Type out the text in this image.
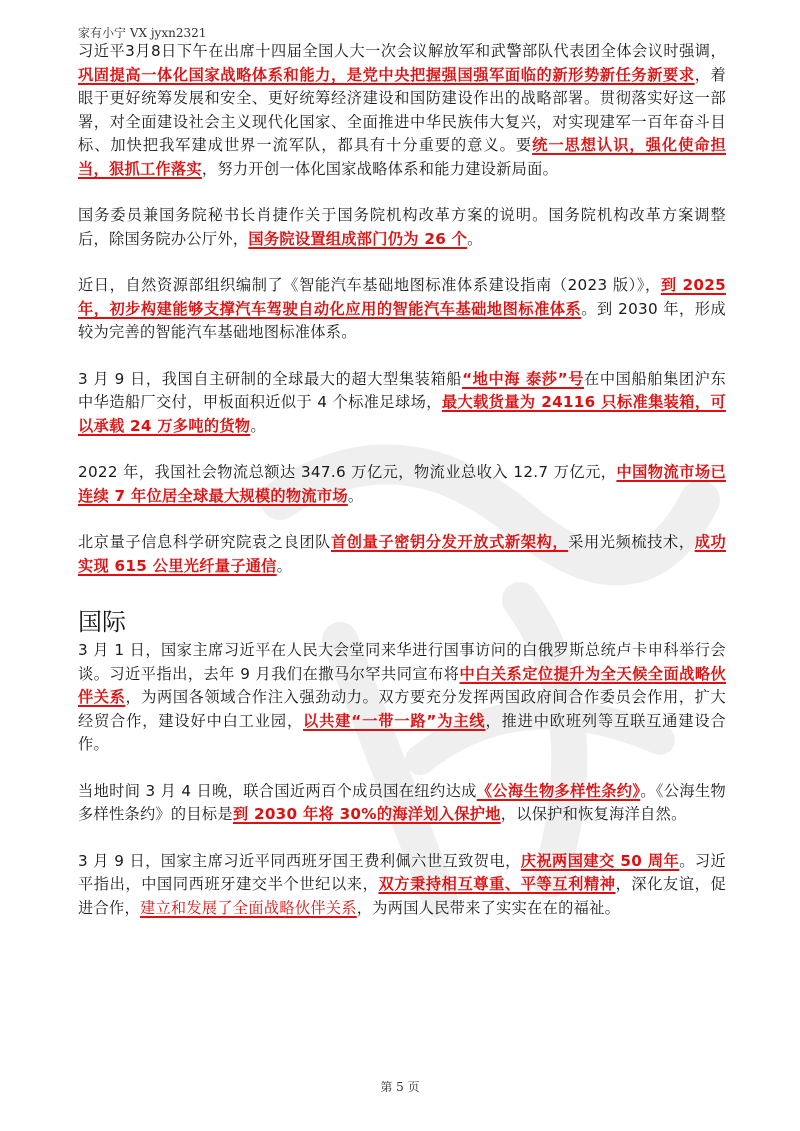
家有小宁 VX jyxn2321

习近平3月8日下午在出席十四届全国人大一次会议解放军和武警部队代表团全体会议时强调，巩固提高一体化国家战略体系和能力，是党中央把握强国强军面临的新形势新任务新要求，着眼于更好统筹发展和安全、更好统筹经济建设和国防建设作出的战略部署。贯彻落实好这一部署，对全面建设社会主义现代化国家、全面推进中华民族伟大复兴，对实现建军一百年奋斗目标、加快把我军建成世界一流军队，都具有十分重要的意义。要统一思想认识，强化使命担当，狠抓工作落实，努力开创一体化国家战略体系和能力建设新局面。

国务委员兼国务院秘书长肖捷作关于国务院机构改革方案的说明。国务院机构改革方案调整后，除国务院办公厅外，国务院设置组成部门仍为 26 个。

近日，自然资源部组织编制了《智能汽车基础地图标准体系建设指南（2023 版）》，到 2025 年，初步构建能够支撑汽车驾驶自动化应用的智能汽车基础地图标准体系。到 2030 年，形成较为完善的智能汽车基础地图标准体系。

3 月 9 日，我国自主研制的全球最大的超大型集装箱船“地中海 泰莎”号在中国船舶集团沪东中华造船厂交付，甲板面积近似于 4 个标准足球场，最大载货量为 24116 只标准集装箱，可以承载 24 万多吨的货物。

2022 年，我国社会物流总额达 347.6 万亿元，物流业总收入 12.7 万亿元，中国物流市场已连续 7 年位居全球最大规模的物流市场。

北京量子信息科学研究院袁之良团队首创量子密钥分发开放式新架构，采用光频梳技术，成功实现 615 公里光纤量子通信。

国际

3 月 1 日，国家主席习近平在人民大会堂同来华进行国事访问的白俄罗斯总统卢卡申科举行会谈。习近平指出，去年 9 月我们在撒马尔罕共同宣布将中白关系定位提升为全天候全面战略伙伴关系，为两国各领域合作注入强劲动力。双方要充分发挥两国政府间合作委员会作用，扩大经贸合作，建设好中白工业园，以共建“一带一路”为主线，推进中欧班列等互联互通建设合作。

当地时间 3 月 4 日晚，联合国近两百个成员国在纽约达成《公海生物多样性条约》。《公海生物多样性条约》的目标是到 2030 年将 30%的海洋划入保护地，以保护和恢复海洋自然。

3 月 9 日，国家主席习近平同西班牙国王费利佩六世互致贺电，庆祝两国建交 50 周年。习近平指出，中国同西班牙建交半个世纪以来，双方秉持相互尊重、平等互利精神，深化友谊，促进合作，建立和发展了全面战略伙伴关系，为两国人民带来了实实在在的福祉。

第 5 页
